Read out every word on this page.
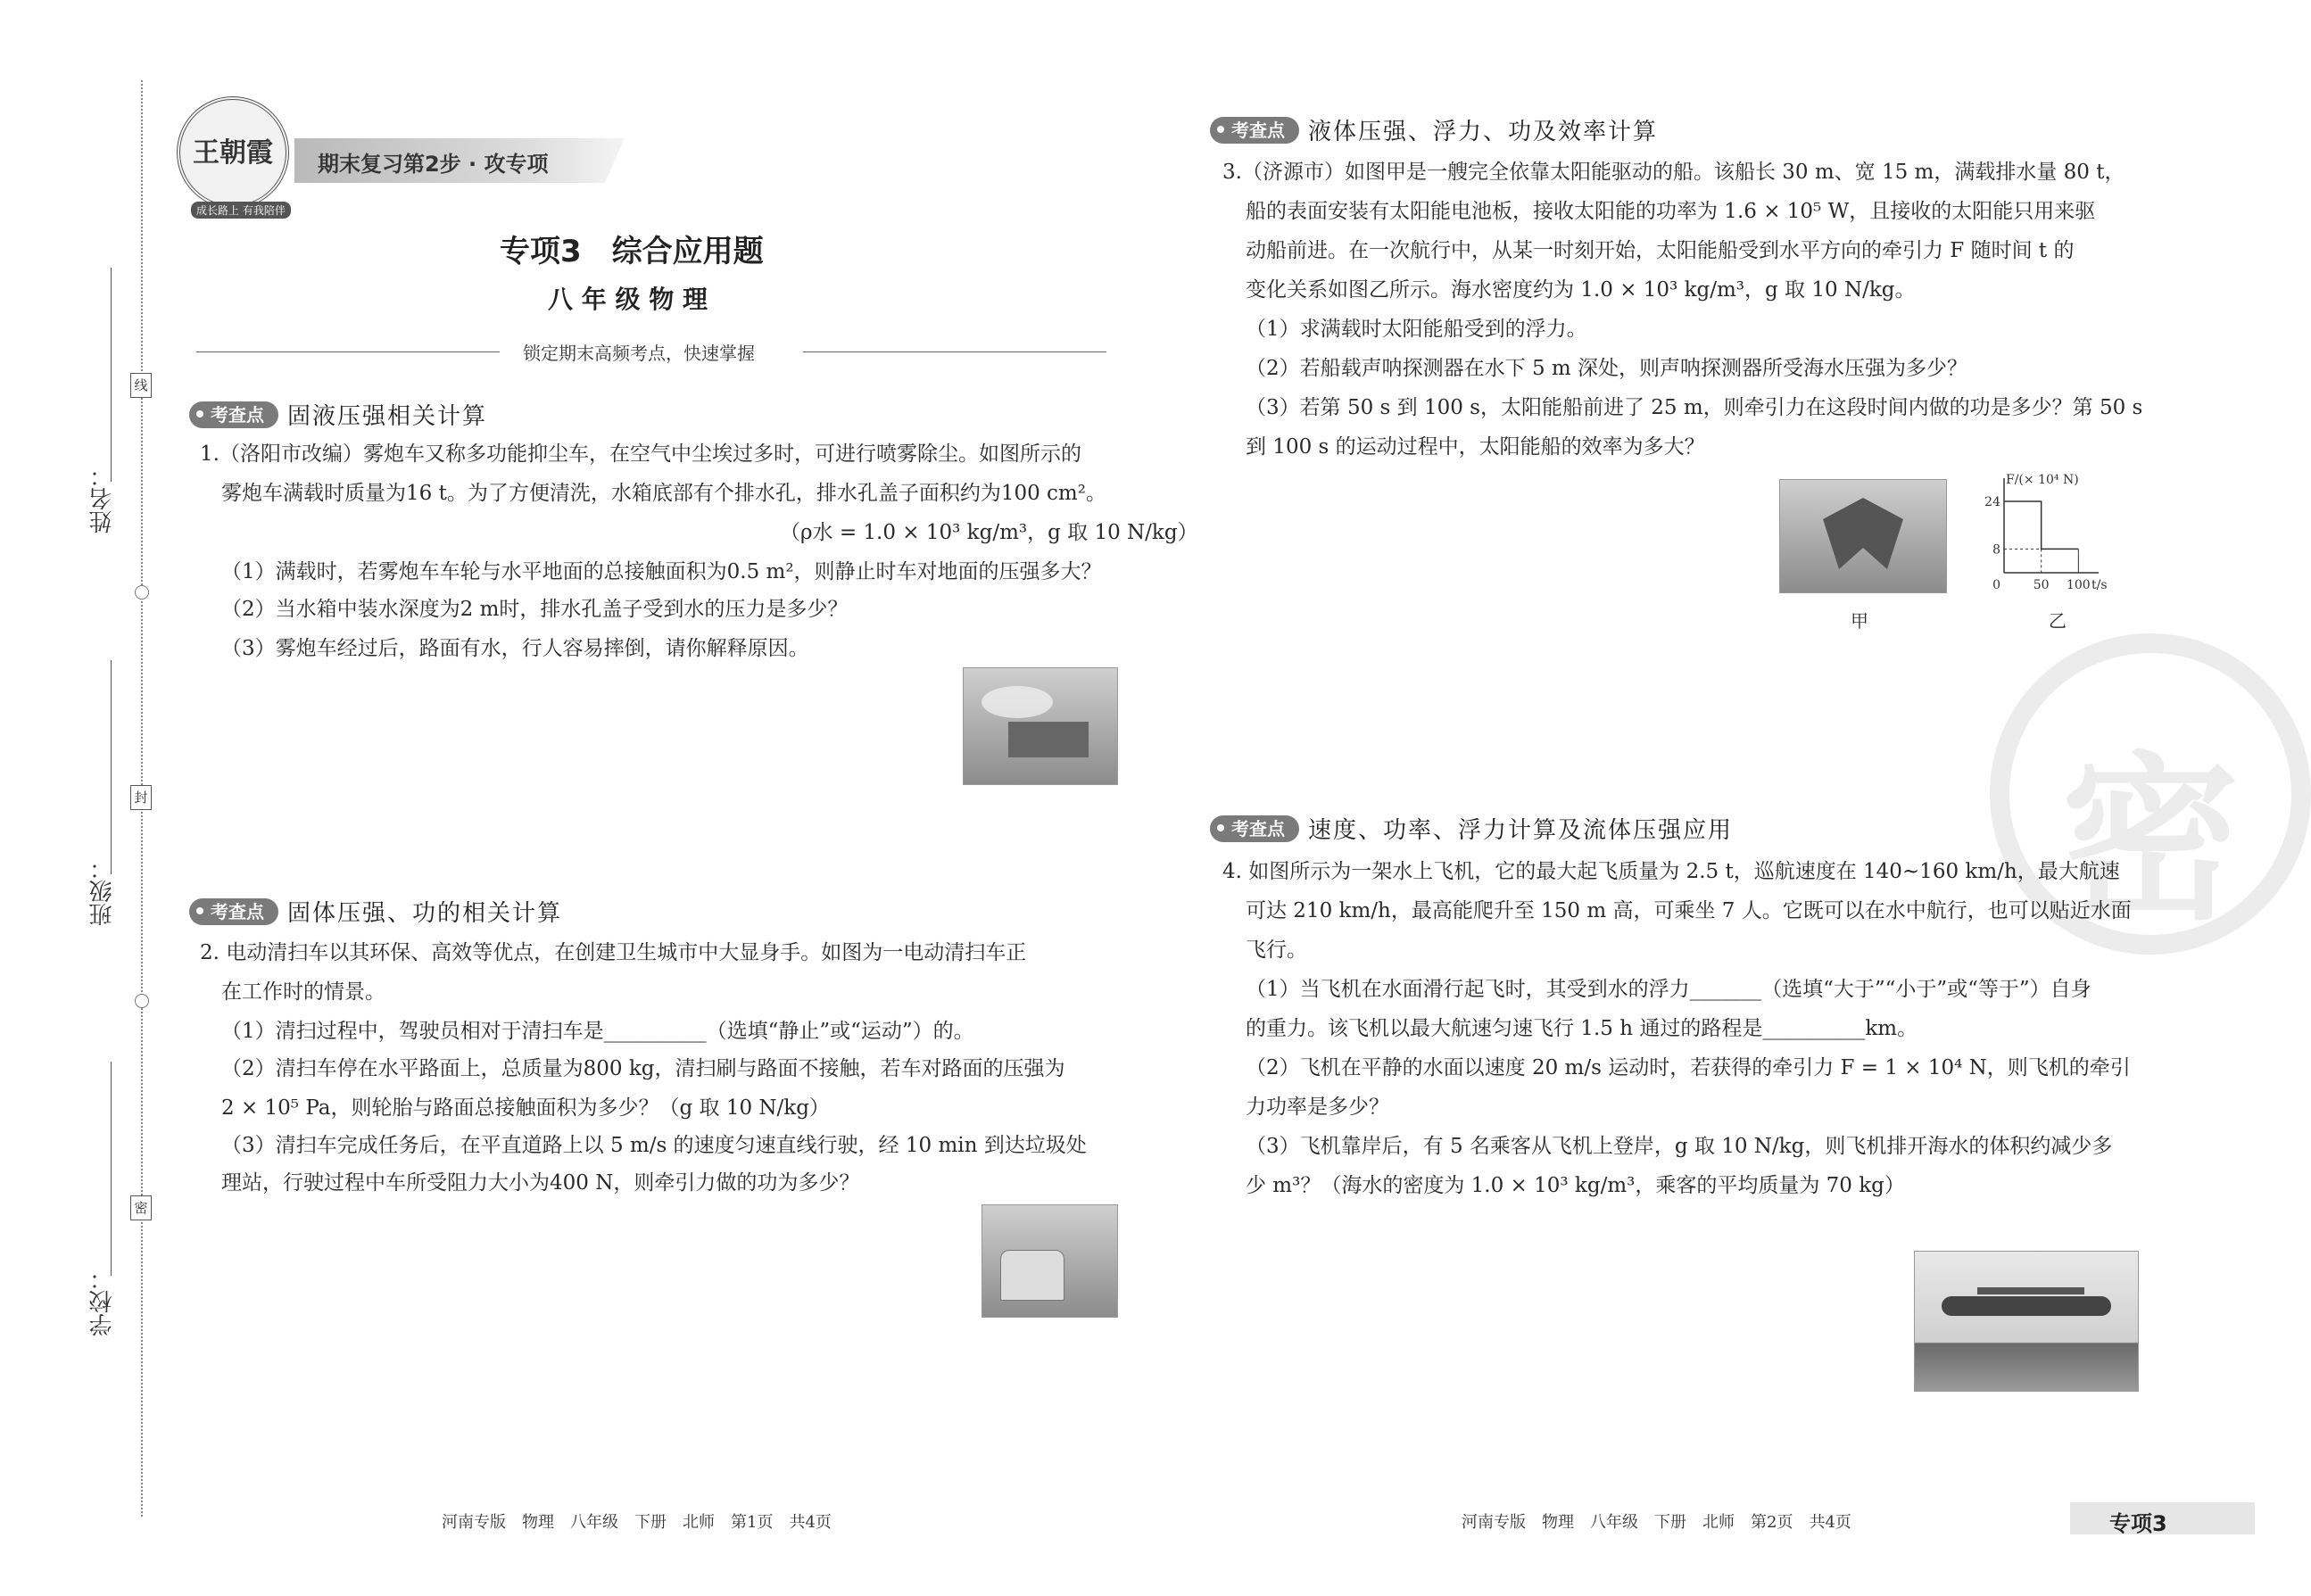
线
封
密
姓名：
班级：
学校：
王朝霞
成长路上 有我陪伴
期末复习第2步 · 攻专项
专项3　综合应用题
八 年 级 物 理
锁定期末高频考点，快速掌握
考查点	固液压强相关计算
1.（洛阳市改编）雾炮车又称多功能抑尘车，在空气中尘埃过多时，可进行喷雾除尘。如图所示的
雾炮车满载时质量为16 t。为了方便清洗，水箱底部有个排水孔，排水孔盖子面积约为100 cm²。
（ρ水 = 1.0 × 10³ kg/m³，g 取 10 N/kg）
（1）满载时，若雾炮车车轮与水平地面的总接触面积为0.5 m²，则静止时车对地面的压强多大？
（2）当水箱中装水深度为2 m时，排水孔盖子受到水的压力是多少？
（3）雾炮车经过后，路面有水，行人容易摔倒，请你解释原因。
考查点	固体压强、功的相关计算
2. 电动清扫车以其环保、高效等优点，在创建卫生城市中大显身手。如图为一电动清扫车正
在工作时的情景。
（1）清扫过程中，驾驶员相对于清扫车是__________（选填“静止”或“运动”）的。
（2）清扫车停在水平路面上，总质量为800 kg，清扫刷与路面不接触，若车对路面的压强为
2 × 10⁵ Pa，则轮胎与路面总接触面积为多少？（g 取 10 N/kg）
（3）清扫车完成任务后，在平直道路上以 5 m/s 的速度匀速直线行驶，经 10 min 到达垃圾处
理站，行驶过程中车所受阻力大小为400 N，则牵引力做的功为多少？
考查点	液体压强、浮力、功及效率计算
3.（济源市）如图甲是一艘完全依靠太阳能驱动的船。该船长 30 m、宽 15 m，满载排水量 80 t，
船的表面安装有太阳能电池板，接收太阳能的功率为 1.6 × 10⁵ W，且接收的太阳能只用来驱
动船前进。在一次航行中，从某一时刻开始，太阳能船受到水平方向的牵引力 F 随时间 t 的
变化关系如图乙所示。海水密度约为 1.0 × 10³ kg/m³，g 取 10 N/kg。
（1）求满载时太阳能船受到的浮力。
（2）若船载声呐探测器在水下 5 m 深处，则声呐探测器所受海水压强为多少？
（3）若第 50 s 到 100 s，太阳能船前进了 25 m，则牵引力在这段时间内做的功是多少？第 50 s
到 100 s 的运动过程中，太阳能船的效率为多大？
甲
F/(× 10⁴ N)
t/s
0	50 100
8
24
乙
密
考查点	速度、功率、浮力计算及流体压强应用
4. 如图所示为一架水上飞机，它的最大起飞质量为 2.5 t，巡航速度在 140~160 km/h，最大航速
可达 210 km/h，最高能爬升至 150 m 高，可乘坐 7 人。它既可以在水中航行，也可以贴近水面
飞行。
（1）当飞机在水面滑行起飞时，其受到水的浮力_______（选填“大于”“小于”或“等于”）自身
的重力。该飞机以最大航速匀速飞行 1.5 h 通过的路程是__________km。
（2）飞机在平静的水面以速度 20 m/s 运动时，若获得的牵引力 F = 1 × 10⁴ N，则飞机的牵引
力功率是多少？
（3）飞机靠岸后，有 5 名乘客从飞机上登岸，g 取 10 N/kg，则飞机排开海水的体积约减少多
少 m³？（海水的密度为 1.0 × 10³ kg/m³，乘客的平均质量为 70 kg）
河南专版　物理　八年级　下册　北师　第1页　共4页	河南专版　物理　八年级　下册　北师　第2页　共4页	专项3
